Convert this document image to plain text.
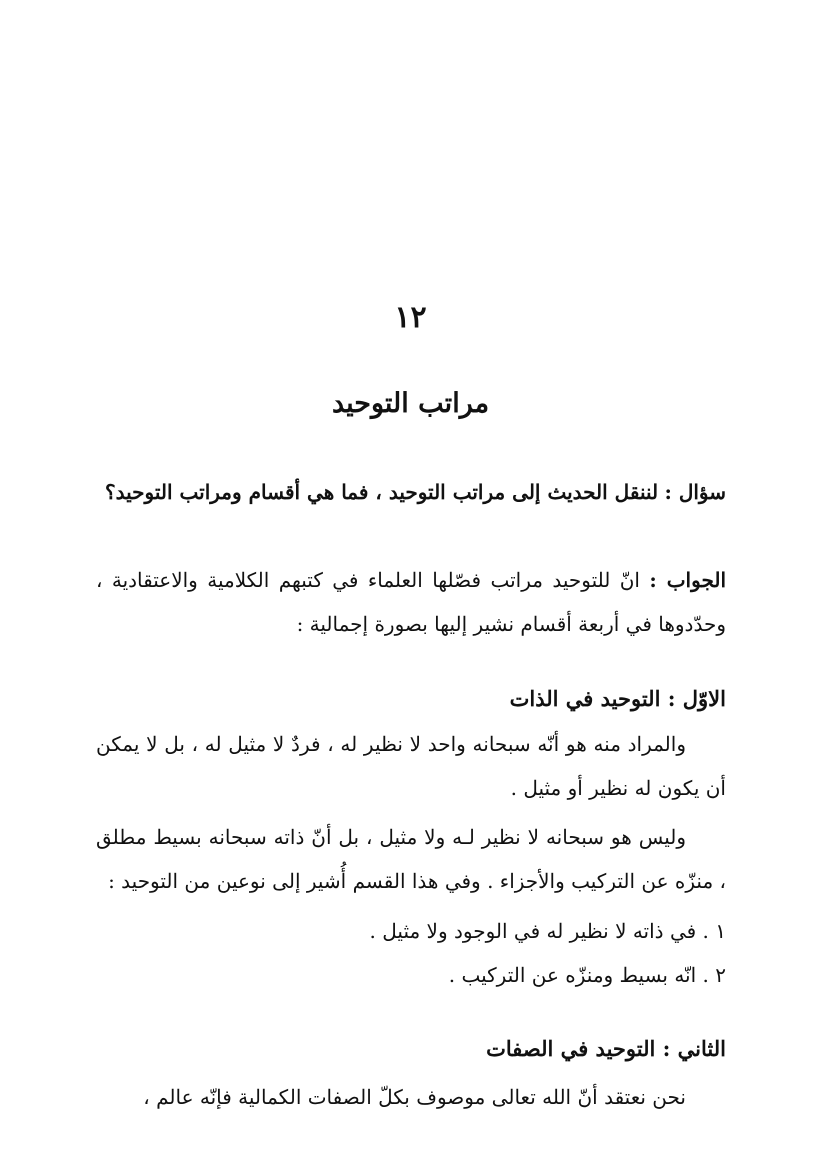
١٢
مراتب التوحيد
سؤال : لننقل الحديث إلى مراتب التوحيد ، فما هي أقسام ومراتب التوحيد؟
الجواب : انّ للتوحيد مراتب فصّلها العلماء في كتبهم الكلامية والاعتقادية ، وحدّدوها في أربعة أقسام نشير إليها بصورة إجمالية :
الاوّل : التوحيد في الذات
والمراد منه هو أنّه سبحانه واحد لا نظير له ، فردٌ لا مثيل له ، بل لا يمكن أن يكون له نظير أو مثيل .
وليس هو سبحانه لا نظير لـه ولا مثيل ، بل أنّ ذاته سبحانه بسيط مطلق ، منزّه عن التركيب والأجزاء . وفي هذا القسم أُشير إلى نوعين من التوحيد :
١ . في ذاته لا نظير له في الوجود ولا مثيل .
٢ . انّه بسيط ومنزّه عن التركيب .
الثاني : التوحيد في الصفات
نحن نعتقد أنّ الله تعالى موصوف بكلّ الصفات الكمالية فإنّه عالم ،
